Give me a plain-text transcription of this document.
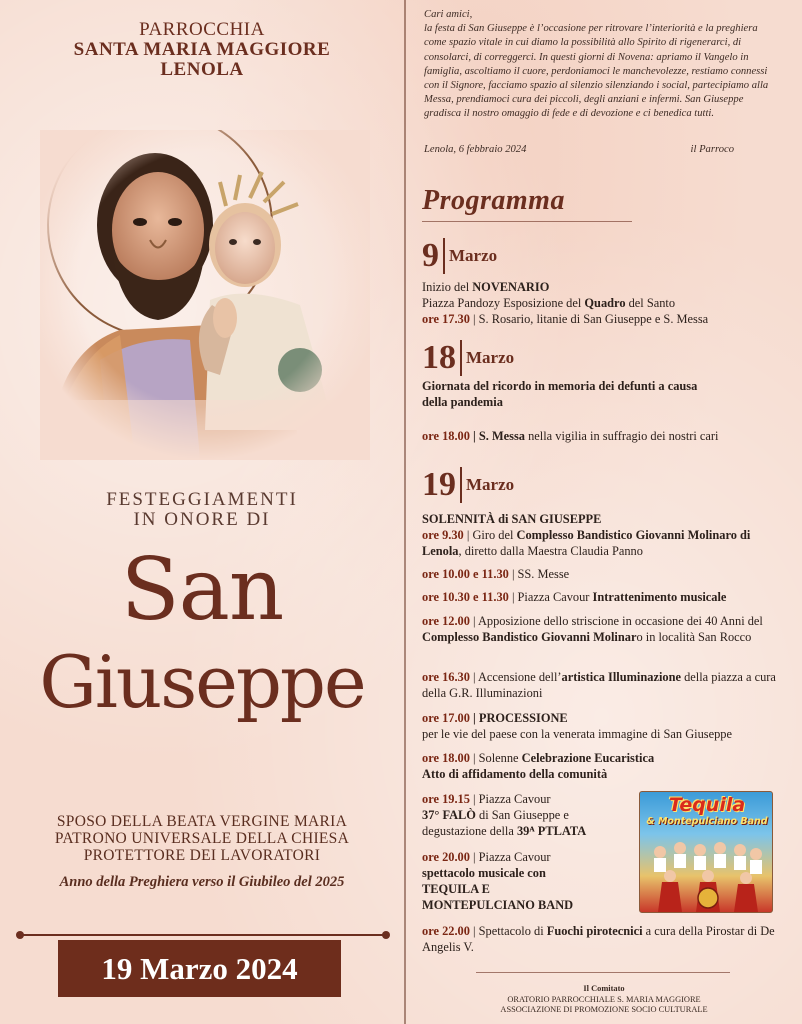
PARROCCHIA
SANTA MARIA MAGGIORE
LENOLA
FESTEGGIAMENTI
IN ONORE DI
San
Giuseppe
SPOSO DELLA BEATA VERGINE MARIA
PATRONO UNIVERSALE DELLA CHIESA
PROTETTORE DEI LAVORATORI
Anno della Preghiera verso il Giubileo del 2025
19 Marzo 2024
Cari amici,
la festa di San Giuseppe è l’occasione per ritrovare l’interiorità e la preghiera come spazio vitale in cui diamo la possibilità allo Spirito di rigenerarci, di consolarci, di correggerci. In questi giorni di Novena: apriamo il Vangelo in famiglia, ascoltiamo il cuore, perdoniamoci le manchevolezze, restiamo connessi con il Signore, facciamo spazio al silenzio silenziando i social, partecipiamo alla Messa, prendiamoci cura dei piccoli, degli anziani e infermi. San Giuseppe gradisca il nostro omaggio di fede e di devozione e ci benedica tutti.
Lenola, 6 febbraio 2024	il Parroco
Programma
9 Marzo
Inizio del NOVENARIO
Piazza Pandozy Esposizione del Quadro del Santo
ore 17.30 | S. Rosario, litanie di San Giuseppe e S. Messa
18 Marzo
Giornata del ricordo in memoria dei defunti a causa
della pandemia
ore 18.00 | S. Messa nella vigilia in suffragio dei nostri cari
19 Marzo
SOLENNITÀ di SAN GIUSEPPE
ore 9.30 | Giro del Complesso Bandistico Giovanni Molinaro di Lenola, diretto dalla Maestra Claudia Panno
ore 10.00 e 11.30 | SS. Messe
ore 10.30 e 11.30 | Piazza Cavour Intrattenimento musicale
ore 12.00 | Apposizione dello striscione in occasione dei 40 Anni del Complesso Bandistico Giovanni Molinaro in località San Rocco
ore 16.30 | Accensione dell’artistica Illuminazione della piazza a cura della G.R. Illuminazioni
ore 17.00 | PROCESSIONE
per le vie del paese con la venerata immagine di San Giuseppe
ore 18.00 | Solenne Celebrazione Eucaristica
Atto di affidamento della comunità
ore 19.15 | Piazza Cavour
37° FALÒ di San Giuseppe e
degustazione della 39ᴬ PTLATA
ore 20.00 | Piazza Cavour
spettacolo musicale con
TEQUILA E
MONTEPULCIANO BAND
ore 22.00 | Spettacolo di Fuochi pirotecnici a cura della Pirostar di De Angelis V.
Tequila
& Montepulciano Band
Il Comitato
ORATORIO PARROCCHIALE S. MARIA MAGGIORE
ASSOCIAZIONE DI PROMOZIONE SOCIO CULTURALE
